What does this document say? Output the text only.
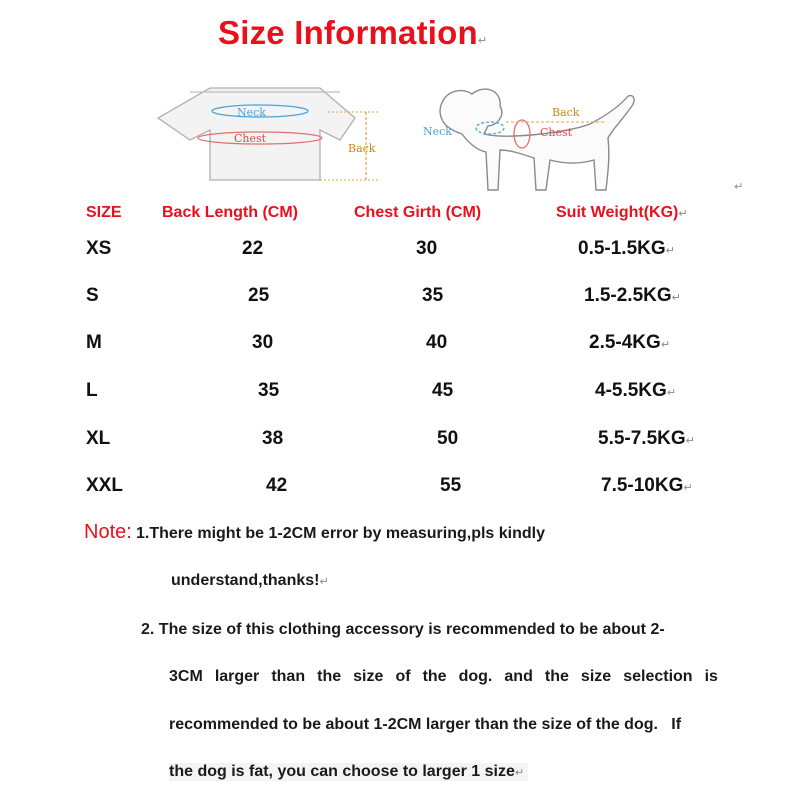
Size Information↵
Neck
Chest
Back
Back
Neck	Chest
↵
SIZE	Back Length (CM)	Chest Girth (CM)	Suit Weight(KG)↵
XS	22	30	0.5-1.5KG↵
S	25	35	1.5-2.5KG↵
M	30	40	2.5-4KG↵
L	35	45	4-5.5KG↵
XL	38	50	5.5-7.5KG↵
XXL	42	55	7.5-10KG↵
Note: 1.There might be 1-2CM error by measuring,pls kindly
understand,thanks!↵
2. The size of this clothing accessory is recommended to be about 2-
3CM larger than the size of the dog. and the size selection is
recommended to be about 1-2CM larger than the size of the dog. If
the dog is fat, you can choose to larger 1 size↵
